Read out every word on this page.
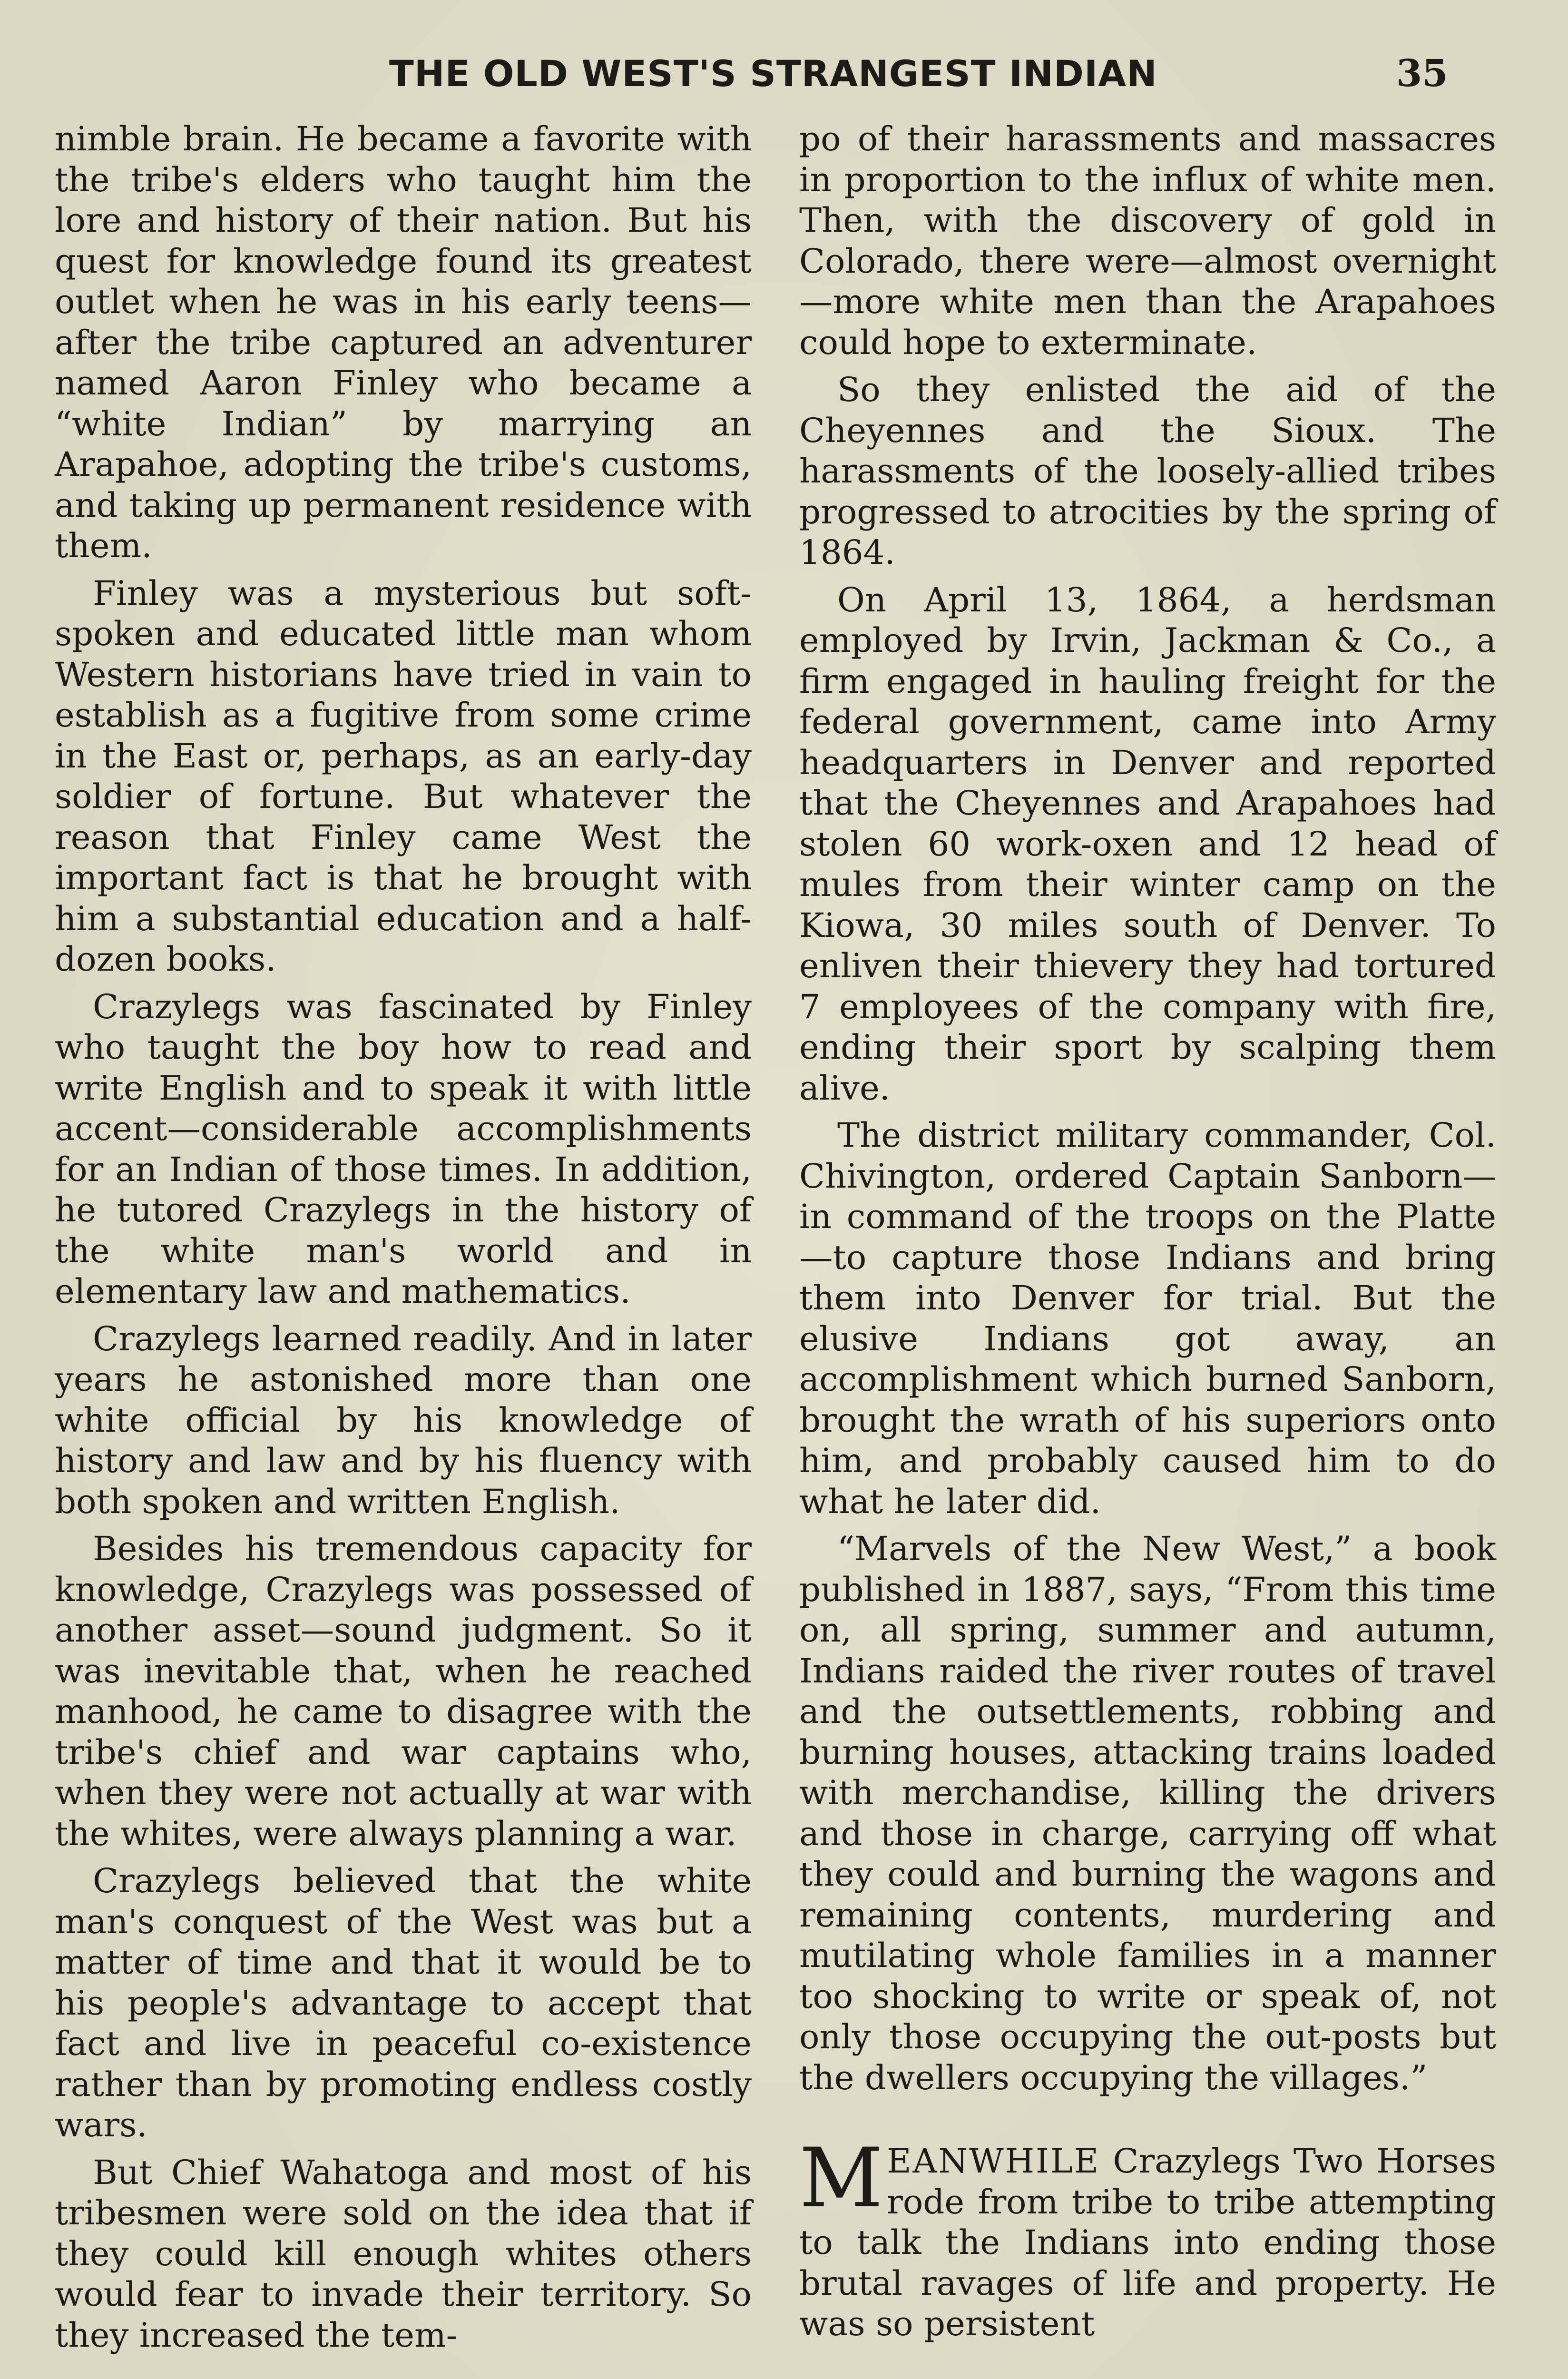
THE OLD WEST'S STRANGEST INDIAN	35

nimble brain. He became a favorite with the tribe's elders who taught him the lore and history of their nation. But his quest for knowledge found its greatest outlet when he was in his early teens—after the tribe captured an adventurer named Aaron Finley who became a “white Indian” by marrying an Arapahoe, adopting the tribe's customs, and taking up permanent residence with them.

Finley was a mysterious but soft-spoken and educated little man whom Western historians have tried in vain to establish as a fugitive from some crime in the East or, perhaps, as an early-day soldier of fortune. But whatever the reason that Finley came West the important fact is that he brought with him a substantial education and a half-dozen books.

Crazylegs was fascinated by Finley who taught the boy how to read and write English and to speak it with little accent—considerable accomplishments for an Indian of those times. In addition, he tutored Crazylegs in the history of the white man's world and in elementary law and mathematics.

Crazylegs learned readily. And in later years he astonished more than one white official by his knowledge of history and law and by his fluency with both spoken and written English.

Besides his tremendous capacity for knowledge, Crazylegs was possessed of another asset—sound judgment. So it was inevitable that, when he reached manhood, he came to disagree with the tribe's chief and war captains who, when they were not actually at war with the whites, were always planning a war.

Crazylegs believed that the white man's conquest of the West was but a matter of time and that it would be to his people's advantage to accept that fact and live in peaceful co-existence rather than by promoting endless costly wars.

But Chief Wahatoga and most of his tribesmen were sold on the idea that if they could kill enough whites others would fear to invade their territory. So they increased the tem-

po of their harassments and massacres in proportion to the influx of white men. Then, with the discovery of gold in Colorado, there were—almost overnight—more white men than the Arapahoes could hope to exterminate.

So they enlisted the aid of the Cheyennes and the Sioux. The harassments of the loosely-allied tribes progressed to atrocities by the spring of 1864.

On April 13, 1864, a herdsman employed by Irvin, Jackman & Co., a firm engaged in hauling freight for the federal government, came into Army headquarters in Denver and reported that the Cheyennes and Arapahoes had stolen 60 work-oxen and 12 head of mules from their winter camp on the Kiowa, 30 miles south of Denver. To enliven their thievery they had tortured 7 employees of the company with fire, ending their sport by scalping them alive.

The district military commander, Col. Chivington, ordered Captain Sanborn—in command of the troops on the Platte—to capture those Indians and bring them into Denver for trial. But the elusive Indians got away, an accomplishment which burned Sanborn, brought the wrath of his superiors onto him, and probably caused him to do what he later did.

“Marvels of the New West,” a book published in 1887, says, “From this time on, all spring, summer and autumn, Indians raided the river routes of travel and the outsettlements, robbing and burning houses, attacking trains loaded with merchandise, killing the drivers and those in charge, carrying off what they could and burning the wagons and remaining contents, murdering and mutilating whole families in a manner too shocking to write or speak of, not only those occupying the out-posts but the dwellers occupying the villages.”

MEANWHILE Crazylegs Two Horses rode from tribe to tribe attempting to talk the Indians into ending those brutal ravages of life and property. He was so persistent
